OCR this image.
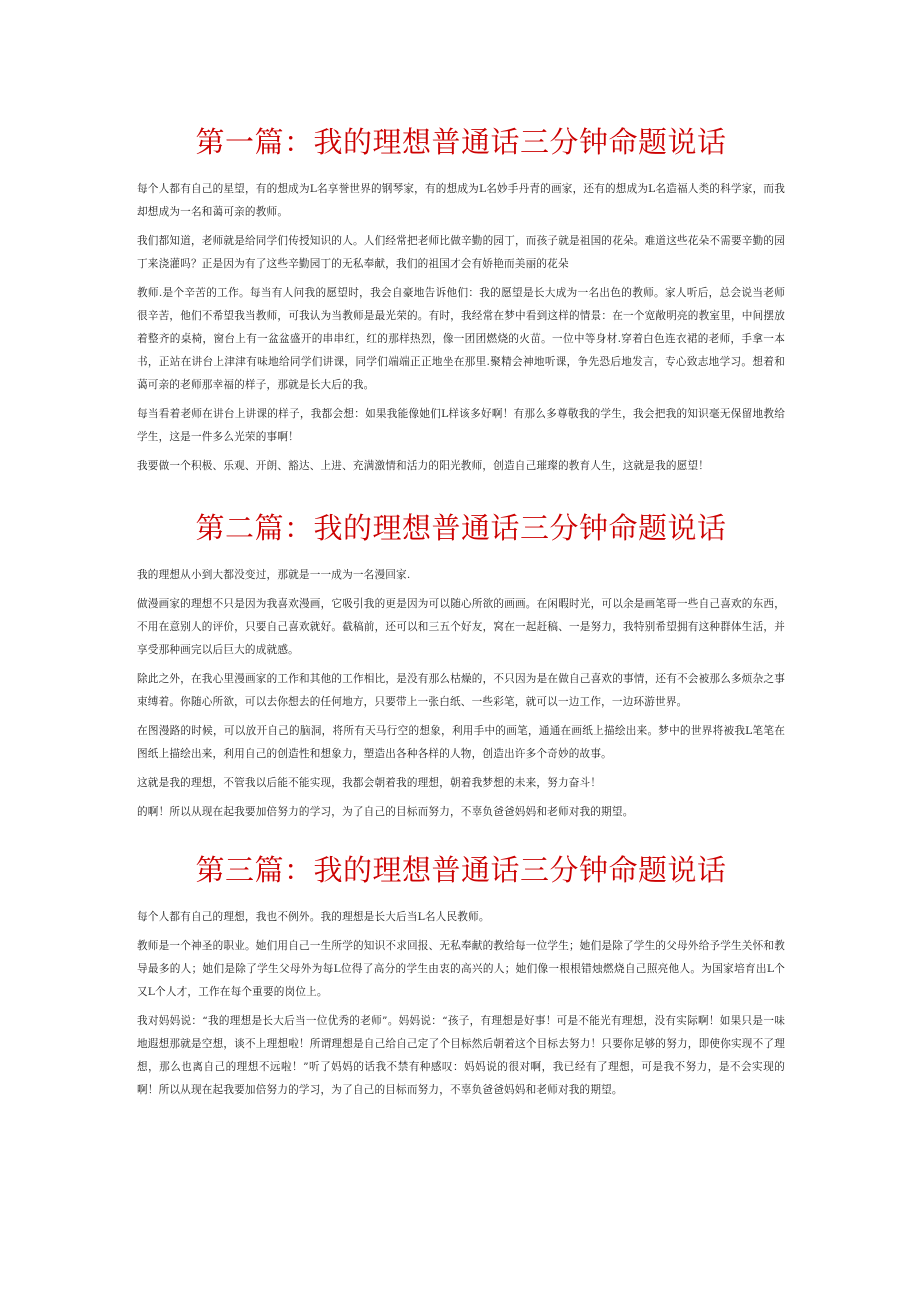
第一篇：我的理想普通话三分钟命题说话

每个人都有自己的星望，有的想成为L名享誉世界的钢琴家，有的想成为L名妙手丹青的画家，还有的想成为L名造福人类的科学家，而我却想成为一名和蔼可亲的教师。

我们都知道，老师就是给同学们传授知识的人。人们经常把老师比做辛勤的园丁，而孩子就是祖国的花朵。难道这些花朵不需要辛勤的园丁来浇灌吗？正是因为有了这些辛勤园丁的无私奉献，我们的祖国才会有娇艳而美丽的花朵

教师.是个辛苦的工作。每当有人问我的愿望时，我会自豪地告诉他们：我的愿望是长大成为一名出色的教师。家人听后，总会说当老师很辛苦，他们不希望我当教师，可我认为当教师是最光荣的。有时，我经常在梦中看到这样的情景：在一个宽敞明亮的教室里，中间摆放着整齐的桌椅，窗台上有一盆盆盛开的串串红，红的那样热烈，像一团团燃烧的火苗。一位中等身材.穿着白色连衣裙的老师，手拿一本书，正站在讲台上津津有味地给同学们讲课，同学们端端正正地坐在那里.聚精会神地听课，争先恐后地发言，专心致志地学习。想着和蔼可亲的老师那幸福的样子，那就是长大后的我。

每当看着老师在讲台上讲课的样子，我都会想：如果我能像她们L样该多好啊！有那么多尊敬我的学生，我会把我的知识毫无保留地教给学生，这是一件多么光荣的事啊！

我要做一个积极、乐观、开朗、豁达、上进、充满激情和活力的阳光教师，创造自己璀璨的教育人生，这就是我的愿望！

第二篇：我的理想普通话三分钟命题说话

我的理想从小到大都没变过，那就是一一成为一名漫回家.

做漫画家的理想不只是因为我喜欢漫画，它吸引我的更是因为可以随心所欲的画画。在闲暇时光，可以余是画笔哥一些自己喜欢的东西，不用在意别人的评价，只要自己喜欢就好。截稿前，还可以和三五个好友，窝在一起赶稿、一是努力，我特别希望拥有这种群体生活，并享受那种画完以后巨大的成就感。

除此之外，在我心里漫画家的工作和其他的工作相比，是没有那么枯燥的，不只因为是在做自己喜欢的事情，还有不会被那么多烦杂之事束缚着。你随心所欲，可以去你想去的任何地方，只要带上一张白纸、一些彩笔，就可以一边工作，一边环游世界。

在图漫路的时候，可以放开自己的脑洞，将所有天马行空的想象，利用手中的画笔，通通在画纸上描绘出来。梦中的世界将被我L笔笔在图纸上描绘出来，利用自己的创造性和想象力，塑造出各种各样的人物，创造出许多个奇妙的故事。

这就是我的理想，不管我以后能不能实现，我都会朝着我的理想，朝着我梦想的未来，努力奋斗！

的啊！所以从现在起我要加倍努力的学习，为了自己的目标而努力，不辜负爸爸妈妈和老师对我的期望。

第三篇：我的理想普通话三分钟命题说话

每个人都有自己的理想，我也不例外。我的理想是长大后当L名人民教师。

教师是一个神圣的职业。她们用自己一生所学的知识不求回报、无私奉献的教给每一位学生；她们是除了学生的父母外给予学生关怀和教导最多的人；她们是除了学生父母外为每L位得了高分的学生由衷的高兴的人；她们像一根根错烛燃烧自己照亮他人。为国家培育出L个又L个人才，工作在每个重要的岗位上。

我对妈妈说：“我的理想是长大后当一位优秀的老师”。妈妈说：“孩子，有理想是好事！可是不能光有理想，没有实际啊！如果只是一味地遐想那就是空想，谈不上理想啦！所谓理想是自己给自己定了个目标然后朝着这个目标去努力！只要你足够的努力，即使你实现不了理想，那么也离自己的理想不远啦！”听了妈妈的话我不禁有种感叹：妈妈说的很对啊，我已经有了理想，可是我不努力，是不会实现的啊！所以从现在起我要加倍努力的学习，为了自己的目标而努力，不辜负爸爸妈妈和老师对我的期望。
